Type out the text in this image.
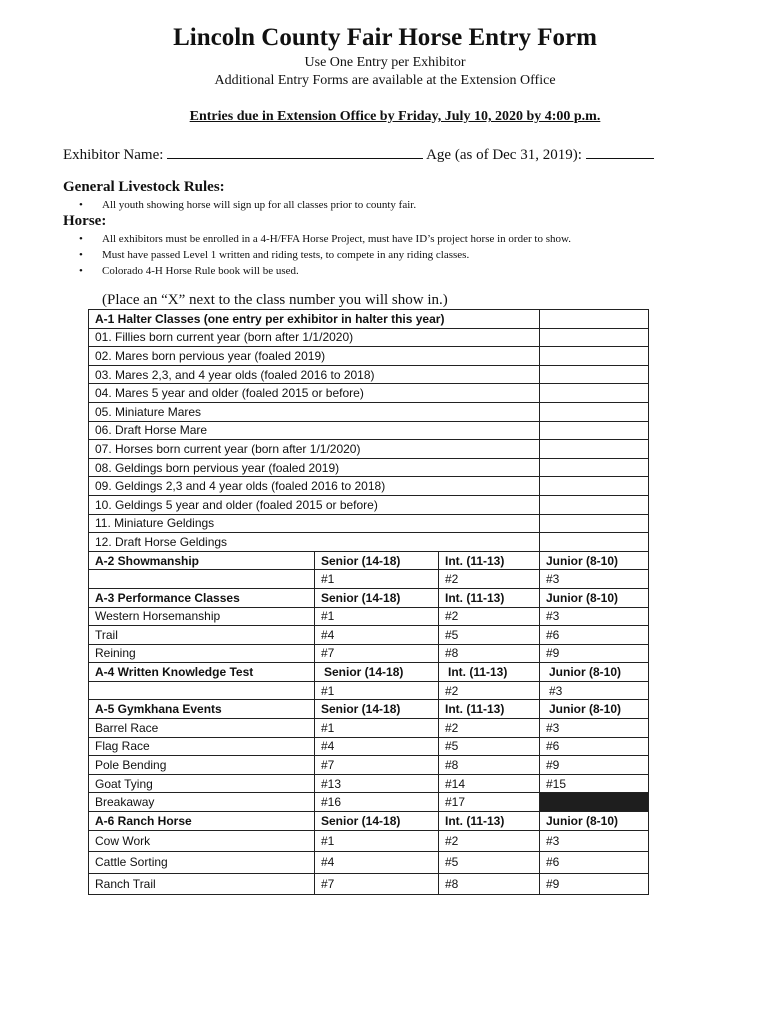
Lincoln County Fair Horse Entry Form
Use One Entry per Exhibitor
Additional Entry Forms are available at the Extension Office
Entries due in Extension Office by Friday, July 10, 2020 by 4:00 p.m.
Exhibitor Name:	Age (as of Dec 31, 2019):
General Livestock Rules:
• All youth showing horse will sign up for all classes prior to county fair.
Horse:
• All exhibitors must be enrolled in a 4-H/FFA Horse Project, must have ID’s project horse in order to show.
• Must have passed Level 1 written and riding tests, to compete in any riding classes.
• Colorado 4-H Horse Rule book will be used.
(Place an “X” next to the class number you will show in.)
A-1 Halter Classes (one entry per exhibitor in halter this year)			
01. Fillies born current year (born after 1/1/2020)			
02. Mares born pervious year (foaled 2019)			
03. Mares 2,3, and 4 year olds (foaled 2016 to 2018)			
04. Mares 5 year and older (foaled 2015 or before)			
05. Miniature Mares			
06. Draft Horse Mare			
07. Horses born current year (born after 1/1/2020)			
08. Geldings born pervious year (foaled 2019)			
09. Geldings 2,3 and 4 year olds (foaled 2016 to 2018)			
10. Geldings 5 year and older (foaled 2015 or before)			
11. Miniature Geldings			
12. Draft Horse Geldings			
A-2 Showmanship	Senior (14-18)	Int. (11-13)	Junior (8-10)
	#1	#2	#3
A-3 Performance Classes	Senior (14-18)	Int. (11-13)	Junior (8-10)
Western Horsemanship	#1	#2	#3
Trail	#4	#5	#6
Reining	#7	#8	#9
A-4 Written Knowledge Test	Senior (14-18)	Int. (11-13)	Junior (8-10)
	#1	#2	#3
A-5 Gymkhana Events	Senior (14-18)	Int. (11-13)	Junior (8-10)
Barrel Race	#1	#2	#3
Flag Race	#4	#5	#6
Pole Bending	#7	#8	#9
Goat Tying	#13	#14	#15
Breakaway	#16	#17	
A-6 Ranch Horse	Senior (14-18)	Int. (11-13)	Junior (8-10)
Cow Work	#1	#2	#3
Cattle Sorting	#4	#5	#6
Ranch Trail	#7	#8	#9
